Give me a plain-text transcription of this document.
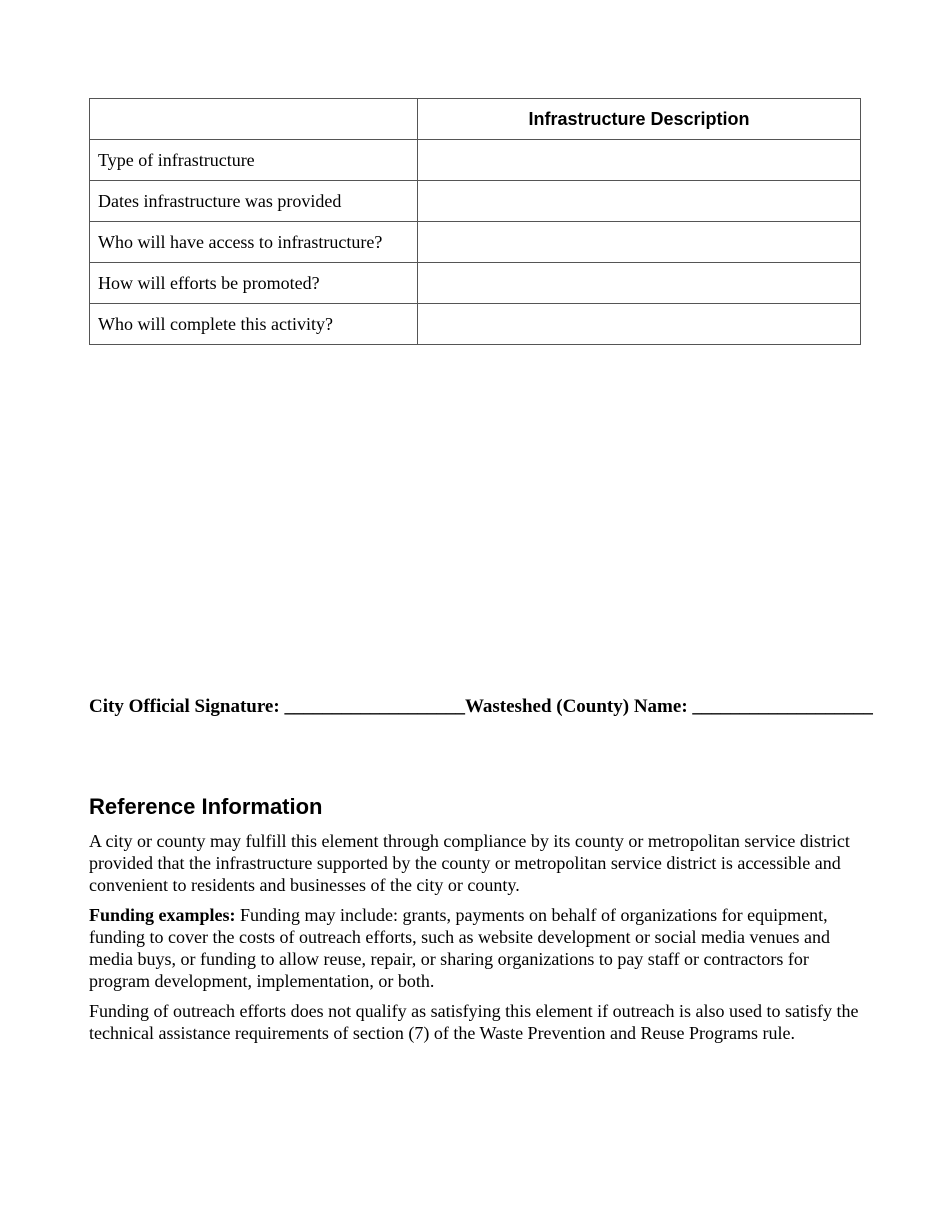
	Infrastructure Description
Type of infrastructure	
Dates infrastructure was provided	
Who will have access to infrastructure?	
How will efforts be promoted?	
Who will complete this activity?	
City Official Signature: ___________________Wasteshed (County) Name: ___________________
Reference Information

A city or county may fulfill this element through compliance by its county or metropolitan service district provided that the infrastructure supported by the county or metropolitan service district is accessible and convenient to residents and businesses of the city or county.

Funding examples: Funding may include: grants, payments on behalf of organizations for equipment, funding to cover the costs of outreach efforts, such as website development or social media venues and media buys, or funding to allow reuse, repair, or sharing organizations to pay staff or contractors for program development, implementation, or both.

Funding of outreach efforts does not qualify as satisfying this element if outreach is also used to satisfy the technical assistance requirements of section (7) of the Waste Prevention and Reuse Programs rule.
